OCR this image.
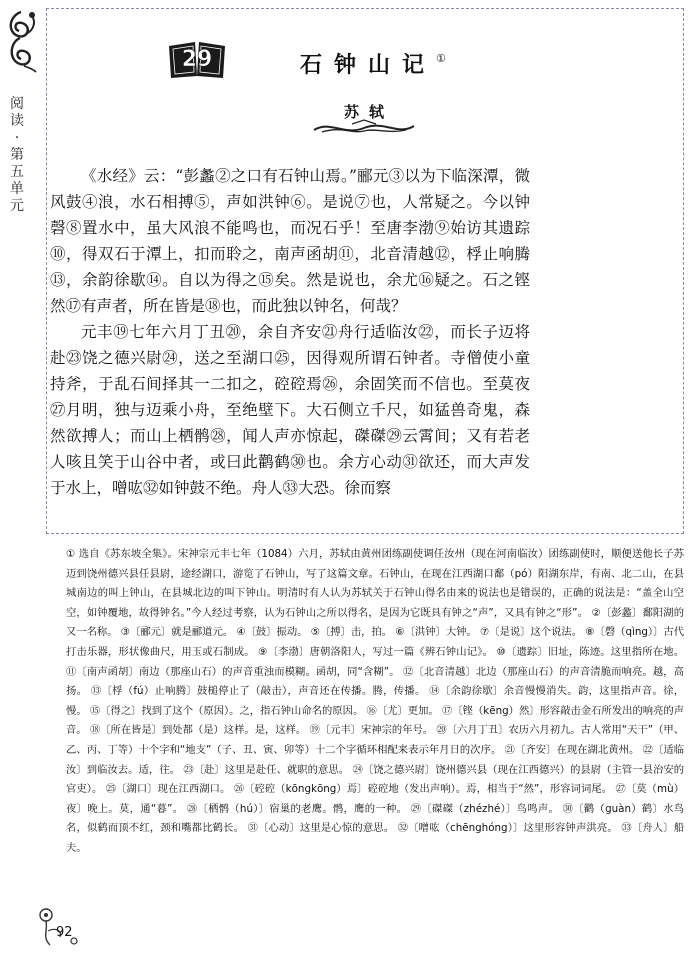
阅
读
·
第
五
单
元
29	石钟山记①
苏轼

《水经》云：“彭蠡②之口有石钟山焉。”郦元③以为下临深潭，微风鼓④浪，水石相搏⑤，声如洪钟⑥。是说⑦也，人常疑之。今以钟磬⑧置水中，虽大风浪不能鸣也，而况石乎！至唐李渤⑨始访其遗踪⑩，得双石于潭上，扣而聆之，南声函胡⑪，北音清越⑫，桴止响腾⑬，余韵徐歇⑭。自以为得之⑮矣。然是说也，余尤⑯疑之。石之铿然⑰有声者，所在皆是⑱也，而此独以钟名，何哉？

元丰⑲七年六月丁丑⑳，余自齐安㉑舟行适临汝㉒，而长子迈将赴㉓饶之德兴尉㉔，送之至湖口㉕，因得观所谓石钟者。寺僧使小童持斧，于乱石间择其一二扣之，硿硿焉㉖，余固笑而不信也。至莫夜㉗月明，独与迈乘小舟，至绝壁下。大石侧立千尺，如猛兽奇鬼，森然欲搏人；而山上栖鹘㉘，闻人声亦惊起，磔磔㉙云霄间；又有若老人咳且笑于山谷中者，或曰此鹳鹤㉚也。余方心动㉛欲还，而大声发于水上，噌吰㉜如钟鼓不绝。舟人㉝大恐。徐而察

① 选自《苏东坡全集》。宋神宗元丰七年（1084）六月，苏轼由黄州团练副使调任汝州（现在河南临汝）团练副使时，顺便送他长子苏迈到饶州德兴县任县尉，途经湖口，游览了石钟山，写了这篇文章。石钟山，在现在江西湖口鄱（pó）阳湖东岸，有南、北二山，在县城南边的叫上钟山，在县城北边的叫下钟山。明清时有人认为苏轼关于石钟山得名由来的说法也是错误的，正确的说法是：“盖全山空空，如钟覆地，故得钟名。”今人经过考察，认为石钟山之所以得名，是因为它既具有钟之“声”，又具有钟之“形”。 ②〔彭蠡〕鄱阳湖的又一名称。 ③〔郦元〕就是郦道元。 ④〔鼓〕振动。 ⑤〔搏〕击，拍。 ⑥〔洪钟〕大钟。 ⑦〔是说〕这个说法。 ⑧〔磬（qìng）〕古代打击乐器，形状像曲尺，用玉或石制成。 ⑨〔李渤〕唐朝洛阳人，写过一篇《辨石钟山记》。 ⑩〔遗踪〕旧址，陈迹。这里指所在地。 ⑪〔南声函胡〕南边（那座山石）的声音重浊而模糊。函胡，同“含糊”。 ⑫〔北音清越〕北边（那座山石）的声音清脆而响亮。越，高扬。 ⑬〔桴（fú）止响腾〕鼓槌停止了（敲击），声音还在传播。腾，传播。 ⑭〔余韵徐歇〕余音慢慢消失。韵，这里指声音。徐，慢。 ⑮〔得之〕找到了这个（原因）。之，指石钟山命名的原因。 ⑯〔尤〕更加。 ⑰〔铿（kēng）然〕形容敲击金石所发出的响亮的声音。 ⑱〔所在皆是〕到处都（是）这样。是，这样。 ⑲〔元丰〕宋神宗的年号。 ⑳〔六月丁丑〕农历六月初九。古人常用“天干”（甲、乙、丙、丁等）十个字和“地支”（子、丑、寅、卯等）十二个字循环相配来表示年月日的次序。 ㉑〔齐安〕在现在湖北黄州。 ㉒〔适临汝〕到临汝去。适，往。 ㉓〔赴〕这里是赴任、就职的意思。 ㉔〔饶之德兴尉〕饶州德兴县（现在江西德兴）的县尉（主管一县治安的官吏）。 ㉕〔湖口〕现在江西湖口。 ㉖〔硿硿（kōngkōng）焉〕硿硿地（发出声响）。焉，相当于“然”，形容词词尾。 ㉗〔莫（mù）夜〕晚上。莫，通“暮”。 ㉘〔栖鹘（hú）〕宿巢的老鹰。鹘，鹰的一种。 ㉙〔磔磔（zhézhé）〕鸟鸣声。 ㉚〔鹳（guàn）鹤〕水鸟名，似鹤而顶不红，颈和嘴都比鹤长。 ㉛〔心动〕这里是心惊的意思。 ㉜〔噌吰（chēnghóng）〕这里形容钟声洪亮。 ㉝〔舟人〕船夫。

92
